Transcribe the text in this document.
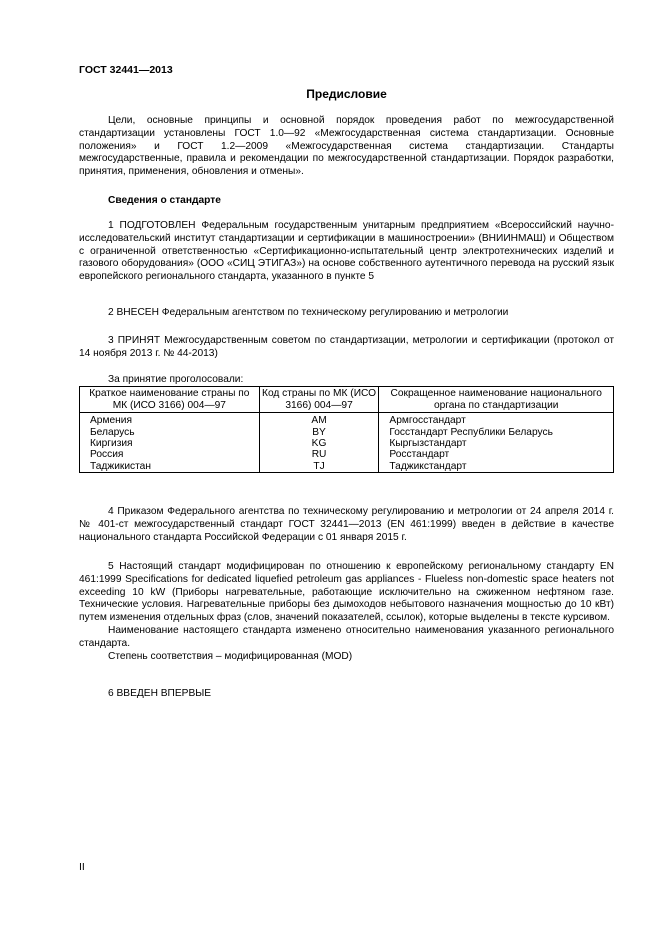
ГОСТ 32441—2013
Предисловие

Цели, основные принципы и основной порядок проведения работ по межгосударственной стандартизации установлены ГОСТ 1.0—92 «Межгосударственная система стандартизации. Основные положения» и ГОСТ 1.2—2009 «Межгосударственная система стандартизации. Стандарты межгосударственные, правила и рекомендации по межгосударственной стандартизации. Порядок разработки, принятия, применения, обновления и отмены».

Сведения о стандарте

1 ПОДГОТОВЛЕН Федеральным государственным унитарным предприятием «Всероссийский научно-исследовательский институт стандартизации и сертификации в машиностроении» (ВНИИНМАШ) и Обществом с ограниченной ответственностью «Сертификационно-испытательный центр электротехнических изделий и газового оборудования» (ООО «СИЦ ЭТИГАЗ») на основе собственного аутентичного перевода на русский язык европейского регионального стандарта, указанного в пункте 5

2 ВНЕСЕН Федеральным агентством по техническому регулированию и метрологии

3 ПРИНЯТ Межгосударственным советом по стандартизации, метрологии и сертификации (протокол от 14 ноября 2013 г. № 44-2013)

За принятие проголосовали:
Краткое наименование страны по МК (ИСО 3166) 004—97	Код страны по МК (ИСО 3166) 004—97	Сокращенное наименование национального органа по стандартизации
Армения	AM	Армгосстандарт
Беларусь	BY	Госстандарт Республики Беларусь
Киргизия	KG	Кыргызстандарт
Россия	RU	Росстандарт
Таджикистан	TJ	Таджикстандарт

4 Приказом Федерального агентства по техническому регулированию и метрологии от 24 апреля 2014 г. № 401-ст межгосударственный стандарт ГОСТ 32441—2013 (EN 461:1999) введен в действие в качестве национального стандарта Российской Федерации с 01 января 2015 г.

5 Настоящий стандарт модифицирован по отношению к европейскому региональному стандарту EN 461:1999 Specifications for dedicated liquefied petroleum gas appliances - Flueless non-domestic space heaters not exceeding 10 kW (Приборы нагревательные, работающие исключительно на сжиженном нефтяном газе. Технические условия. Нагревательные приборы без дымоходов небытового назначения мощностью до 10 кВт) путем изменения отдельных фраз (слов, значений показателей, ссылок), которые выделены в тексте курсивом.

Наименование настоящего стандарта изменено относительно наименования указанного регионального стандарта.

Степень соответствия – модифицированная (MOD)

6 ВВЕДЕН ВПЕРВЫЕ

II
